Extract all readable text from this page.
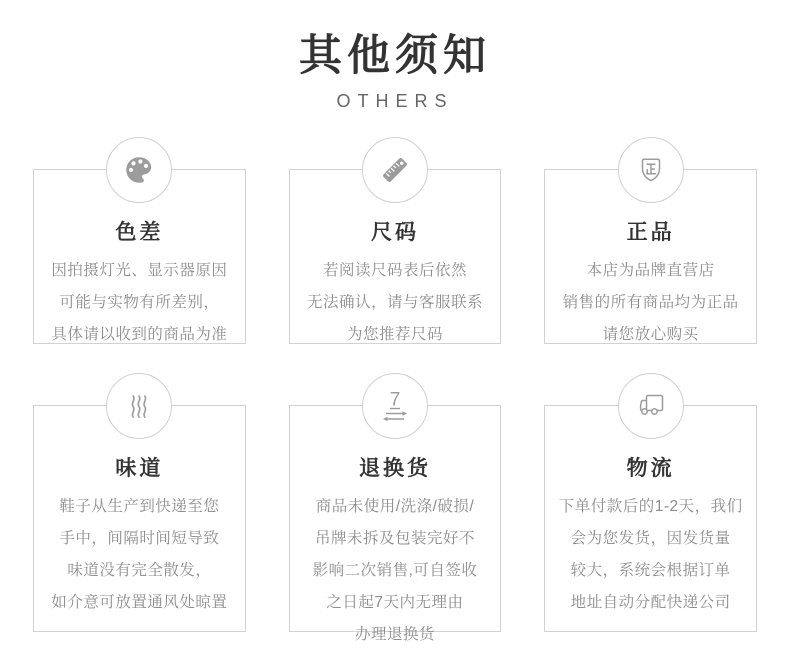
其他须知
OTHERS
色差
因拍摄灯光、显示器原因
可能与实物有所差别，
具体请以收到的商品为准
尺码
若阅读尺码表后依然
无法确认，请与客服联系
为您推荐尺码
正品
本店为品牌直营店
销售的所有商品均为正品
请您放心购买
味道
鞋子从生产到快递至您
手中，间隔时间短导致
味道没有完全散发，
如介意可放置通风处晾置
7
退换货
商品未使用/洗涤/破损/
吊牌未拆及包装完好不
影响二次销售,可自签收
之日起7天内无理由
办理退换货
物流
下单付款后的1-2天，我们
会为您发货，因发货量
较大，系统会根据订单
地址自动分配快递公司
